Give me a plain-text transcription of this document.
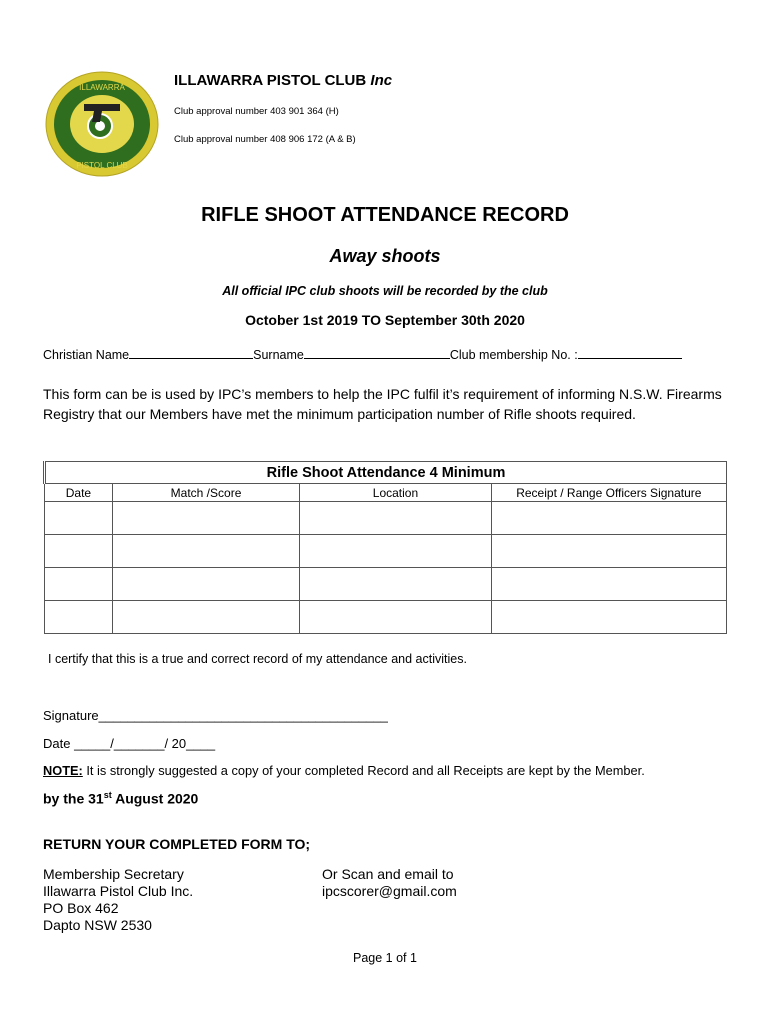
ILLAWARRA
PISTOL CLUB
ILLAWARRA PISTOL CLUB Inc
Club approval number 403 901 364 (H)
Club approval number 408 906 172 (A & B)
RIFLE SHOOT ATTENDANCE RECORD
Away shoots
All official IPC club shoots will be recorded by the club
October 1st 2019 TO September 30th 2020
Christian Name	Surname	Club membership No. :
This form can be is used by IPC’s members to help the IPC fulfil it’s requirement of informing N.S.W. Firearms Registry that our Members have met the minimum participation number of Rifle shoots required.
Rifle Shoot Attendance 4 Minimum			
Date	Match /Score	Location	Receipt / Range Officers Signature

I certify that this is a true and correct record of my attendance and activities.
Signature________________________________________
Date _____/_______/ 20____
NOTE: It is strongly suggested a copy of your completed Record and all Receipts are kept by the Member.
by the 31st August 2020
RETURN YOUR COMPLETED FORM TO;
Membership Secretary
Illawarra Pistol Club Inc.
PO Box 462
Dapto NSW 2530
Or Scan and email to
ipcscorer@gmail.com
Page 1 of 1
